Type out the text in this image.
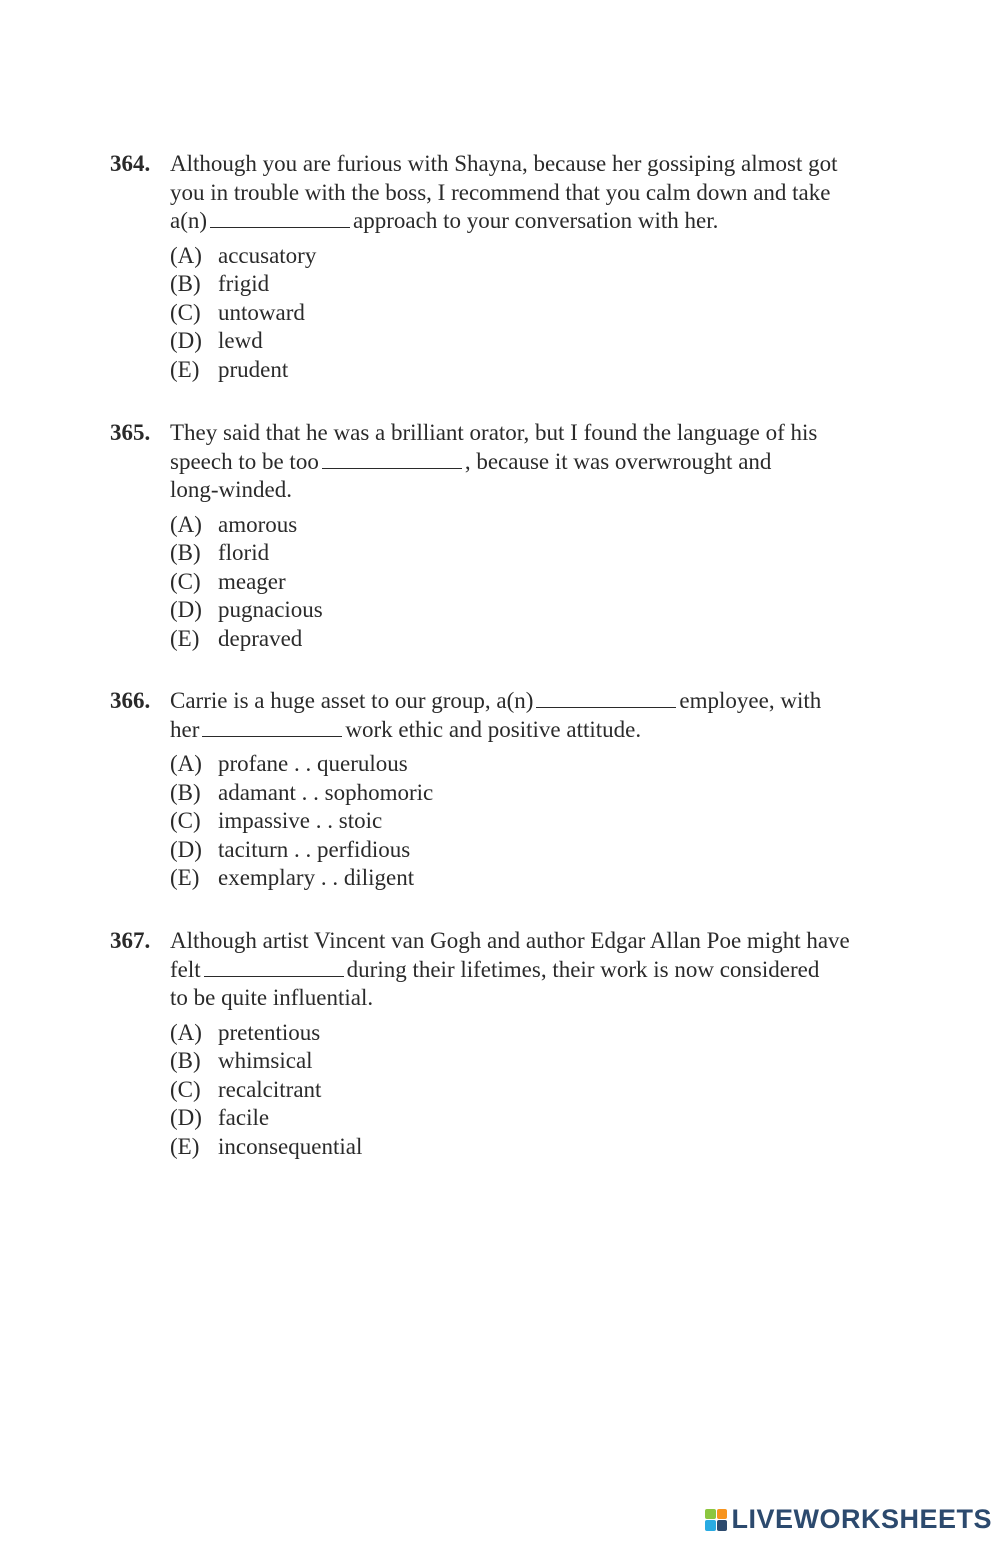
364. Although you are furious with Shayna, because her gossiping almost got
you in trouble with the boss, I recommend that you calm down and take
a(n)	approach to your conversation with her.
(A) accusatory
(B) frigid
(C) untoward
(D) lewd
(E) prudent
365. They said that he was a brilliant orator, but I found the language of his
speech to be too	, because it was overwrought and
long-winded.
(A) amorous
(B) florid
(C) meager
(D) pugnacious
(E) depraved
366. Carrie is a huge asset to our group, a(n)	employee, with
her	work ethic and positive attitude.
(A) profane . . querulous
(B) adamant . . sophomoric
(C) impassive . . stoic
(D) taciturn . . perfidious
(E) exemplary . . diligent
367. Although artist Vincent van Gogh and author Edgar Allan Poe might have
felt	during their lifetimes, their work is now considered
to be quite influential.
(A) pretentious
(B) whimsical
(C) recalcitrant
(D) facile
(E) inconsequential
LIVEWORKSHEETS
